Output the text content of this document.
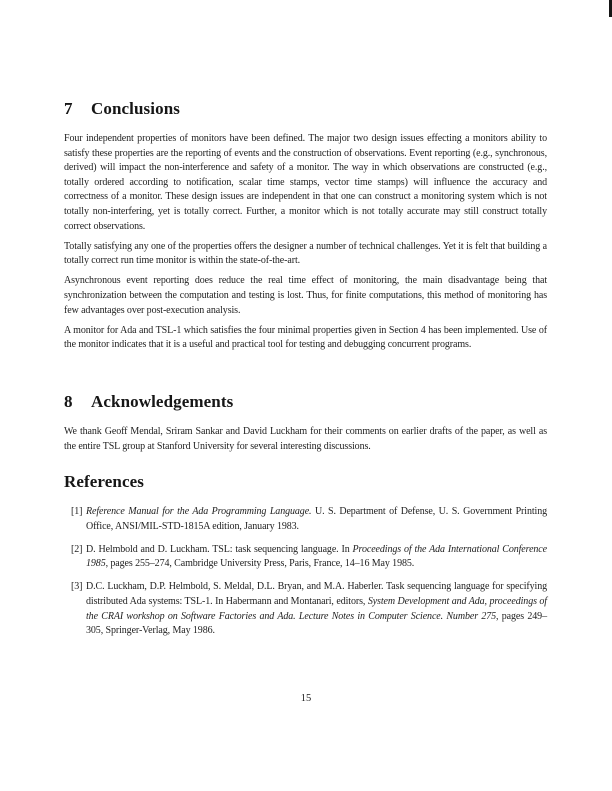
7 Conclusions

Four independent properties of monitors have been defined. The major two design issues effecting a monitors ability to satisfy these properties are the reporting of events and the construction of observations. Event reporting (e.g., synchronous, derived) will impact the non-interference and safety of a monitor. The way in which observations are constructed (e.g., totally ordered according to notification, scalar time stamps, vector time stamps) will influence the accuracy and correctness of a monitor. These design issues are independent in that one can construct a monitoring system which is not totally non-interfering, yet is totally correct. Further, a monitor which is not totally accurate may still construct totally correct observations.

Totally satisfying any one of the properties offers the designer a number of technical challenges. Yet it is felt that building a totally correct run time monitor is within the state-of-the-art.

Asynchronous event reporting does reduce the real time effect of monitoring, the main disadvantage being that synchronization between the computation and testing is lost. Thus, for finite computations, this method of monitoring has few advantages over post-execution analysis.

A monitor for Ada and TSL-1 which satisfies the four minimal properties given in Section 4 has been implemented. Use of the monitor indicates that it is a useful and practical tool for testing and debugging concurrent programs.

8 Acknowledgements

We thank Geoff Mendal, Sriram Sankar and David Luckham for their comments on earlier drafts of the paper, as well as the entire TSL group at Stanford University for several interesting discussions.

References
[1] Reference Manual for the Ada Programming Language. U. S. Department of Defense, U. S. Government Printing Office, ANSI/MIL-STD-1815A edition, January 1983.
[2] D. Helmbold and D. Luckham. TSL: task sequencing language. In Proceedings of the Ada International Conference 1985, pages 255–274, Cambridge University Press, Paris, France, 14–16 May 1985.
[3] D.C. Luckham, D.P. Helmbold, S. Meldal, D.L. Bryan, and M.A. Haberler. Task sequencing language for specifying distributed Ada systems: TSL-1. In Habermann and Montanari, editors, System Development and Ada, proceedings of the CRAI workshop on Software Factories and Ada. Lecture Notes in Computer Science. Number 275, pages 249–305, Springer-Verlag, May 1986.
15
